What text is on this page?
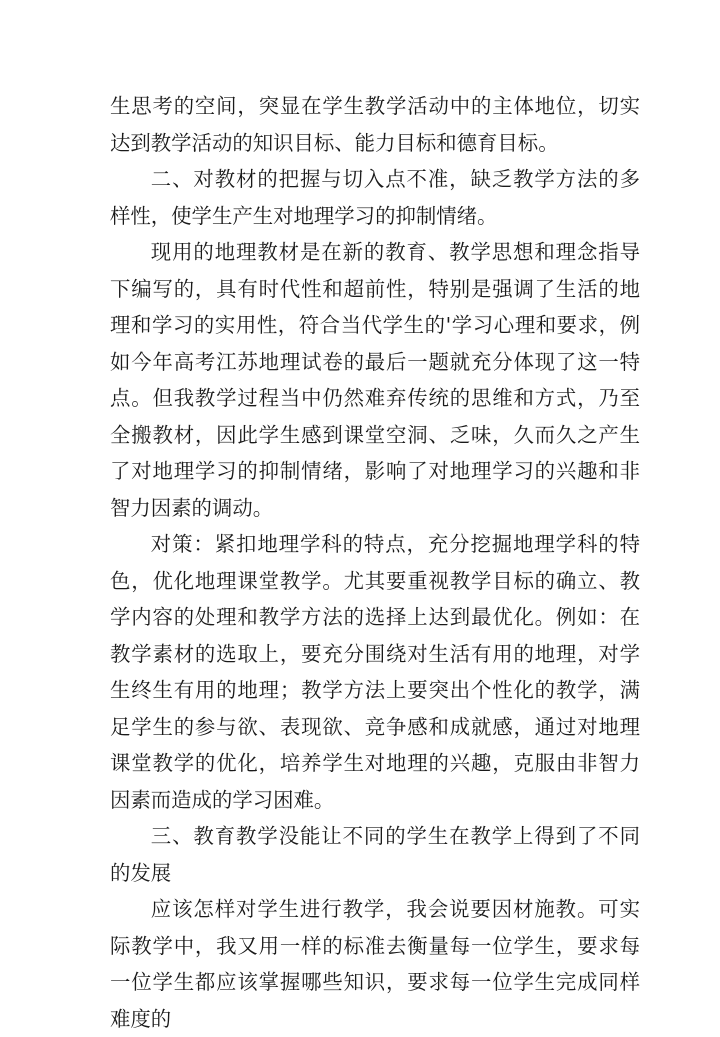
生思考的空间，突显在学生教学活动中的主体地位，切实达到教学活动的知识目标、能力目标和德育目标。

二、对教材的把握与切入点不准，缺乏教学方法的多样性，使学生产生对地理学习的抑制情绪。

现用的地理教材是在新的教育、教学思想和理念指导下编写的，具有时代性和超前性，特别是强调了生活的地理和学习的实用性，符合当代学生的'学习心理和要求，例如今年高考江苏地理试卷的最后一题就充分体现了这一特点。但我教学过程当中仍然难弃传统的思维和方式，乃至全搬教材，因此学生感到课堂空洞、乏味，久而久之产生了对地理学习的抑制情绪，影响了对地理学习的兴趣和非智力因素的调动。

对策：紧扣地理学科的特点，充分挖掘地理学科的特色，优化地理课堂教学。尤其要重视教学目标的确立、教学内容的处理和教学方法的选择上达到最优化。例如：在教学素材的选取上，要充分围绕对生活有用的地理，对学生终生有用的地理；教学方法上要突出个性化的教学，满足学生的参与欲、表现欲、竞争感和成就感，通过对地理课堂教学的优化，培养学生对地理的兴趣，克服由非智力因素而造成的学习困难。

三、教育教学没能让不同的学生在教学上得到了不同的发展

应该怎样对学生进行教学，我会说要因材施教。可实际教学中，我又用一样的标准去衡量每一位学生，要求每一位学生都应该掌握哪些知识，要求每一位学生完成同样难度的
